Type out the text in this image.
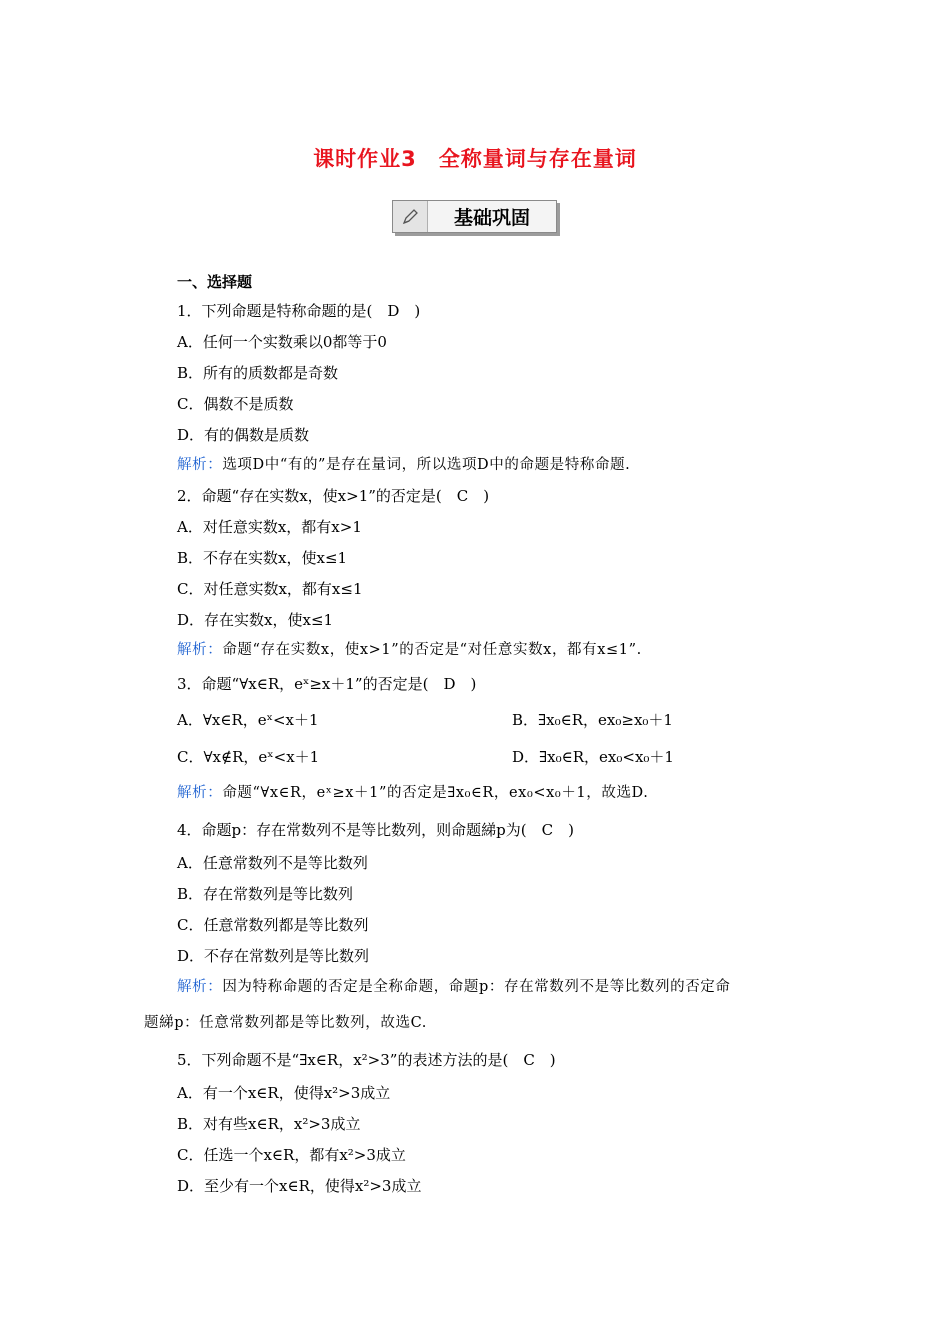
课时作业3　全称量词与存在量词
基础巩固
一、选择题
1．下列命题是特称命题的是(　D　)
A．任何一个实数乘以0都等于0
B．所有的质数都是奇数
C．偶数不是质数
D．有的偶数是质数
解析：选项D中“有的”是存在量词，所以选项D中的命题是特称命题.
2．命题“存在实数x，使x>1”的否定是(　C　)
A．对任意实数x，都有x>1
B．不存在实数x，使x≤1
C．对任意实数x，都有x≤1
D．存在实数x，使x≤1
解析：命题“存在实数x，使x>1”的否定是“对任意实数x，都有x≤1”.
3．命题“∀x∈R，eˣ≥x＋1”的否定是(　D　)
A．∀x∈R，eˣ<x＋1	B．∃x₀∈R，ex₀≥x₀＋1
C．∀x∉R，eˣ<x＋1	D．∃x₀∈R，ex₀<x₀＋1
解析：命题“∀x∈R，eˣ≥x＋1”的否定是∃x₀∈R，ex₀<x₀＋1，故选D.
4．命题p：存在常数列不是等比数列，则命题綈p为(　C　)
A．任意常数列不是等比数列
B．存在常数列是等比数列
C．任意常数列都是等比数列
D．不存在常数列是等比数列
解析：因为特称命题的否定是全称命题，命题p：存在常数列不是等比数列的否定命
题綈p：任意常数列都是等比数列，故选C.
5．下列命题不是“∃x∈R，x²>3”的表述方法的是(　C　)
A．有一个x∈R，使得x²>3成立
B．对有些x∈R，x²>3成立
C．任选一个x∈R，都有x²>3成立
D．至少有一个x∈R，使得x²>3成立
